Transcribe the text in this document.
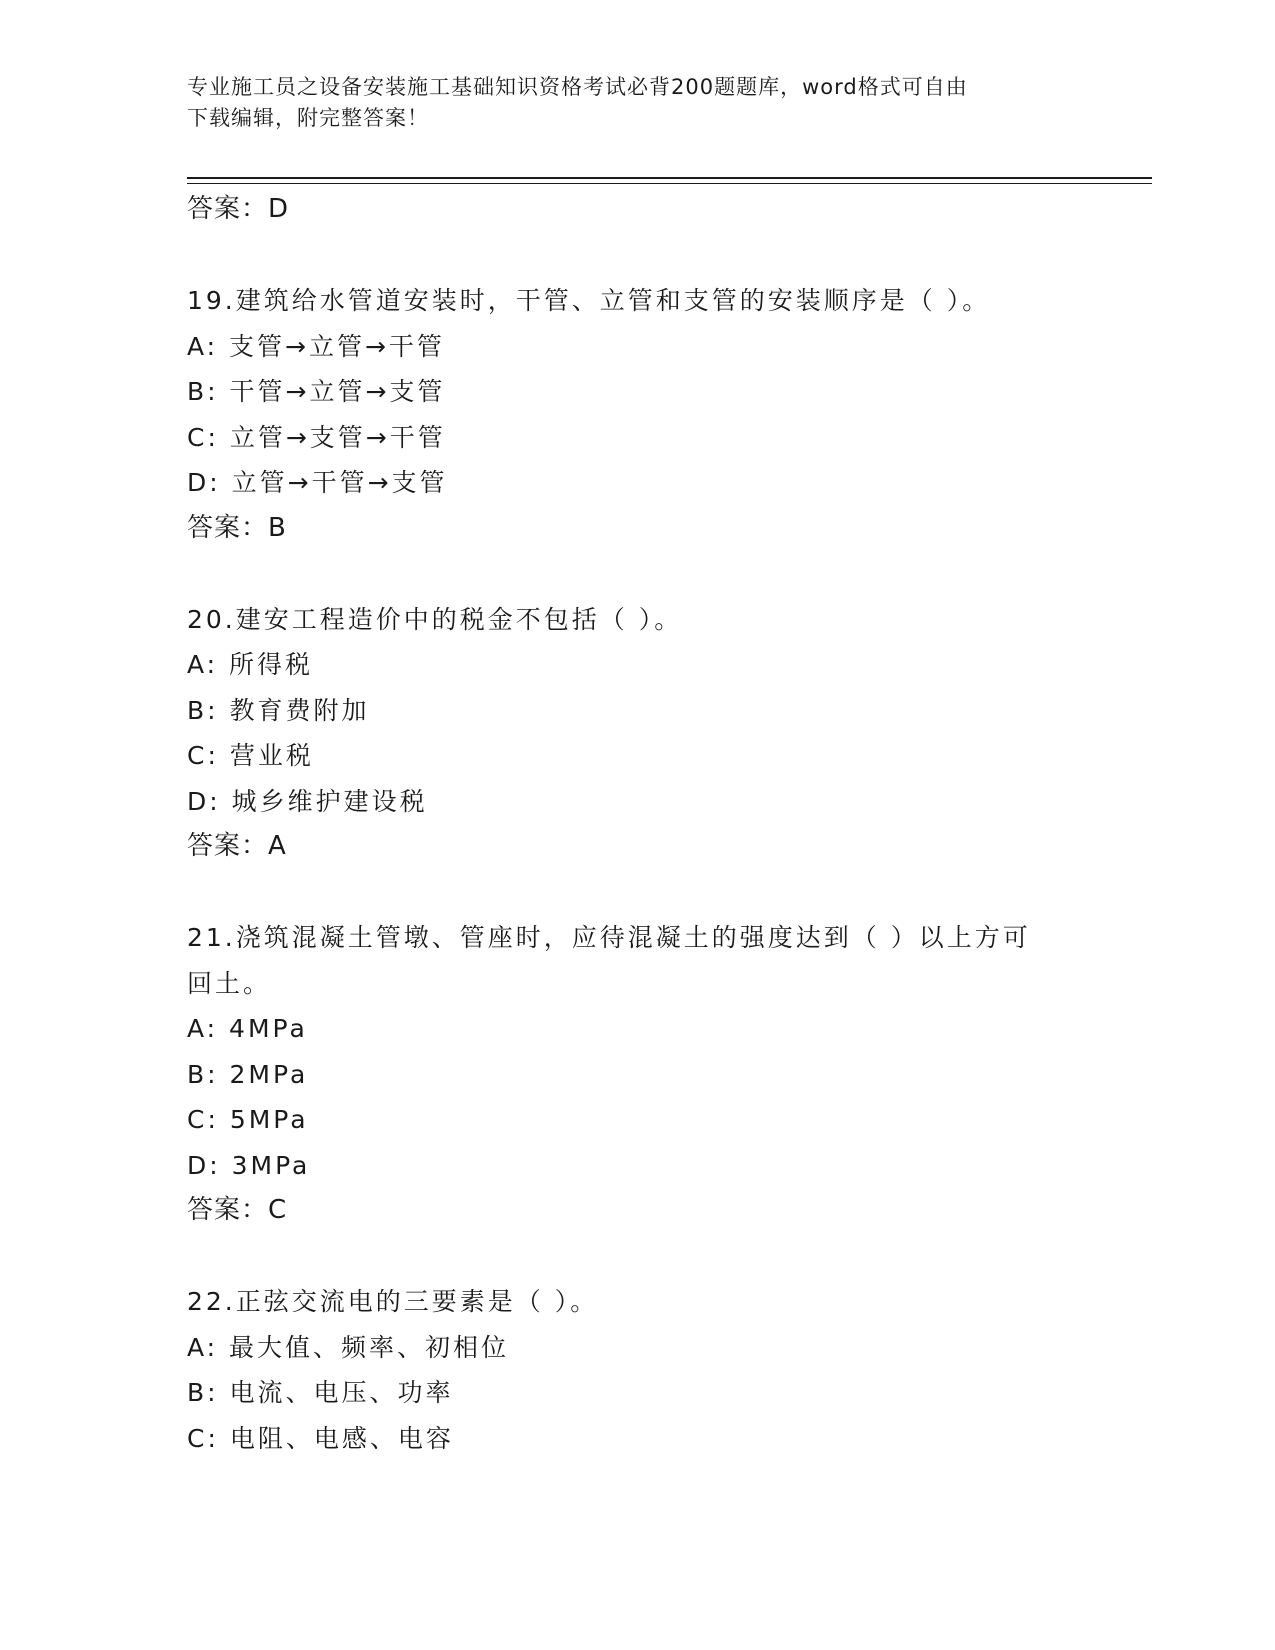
专业施工员之设备安装施工基础知识资格考试必背200题题库，word格式可自由
下载编辑，附完整答案！
答案：D
19.建筑给水管道安装时，干管、立管和支管的安装顺序是（ ）。
A: 支管→立管→干管
B: 干管→立管→支管
C: 立管→支管→干管
D: 立管→干管→支管
答案：B
20.建安工程造价中的税金不包括（ ）。
A: 所得税
B: 教育费附加
C: 营业税
D: 城乡维护建设税
答案：A
21.浇筑混凝土管墩、管座时，应待混凝土的强度达到（ ）以上方可
回土。
A: 4MPa
B: 2MPa
C: 5MPa
D: 3MPa
答案：C
22.正弦交流电的三要素是（ ）。
A: 最大值、频率、初相位
B: 电流、电压、功率
C: 电阻、电感、电容
